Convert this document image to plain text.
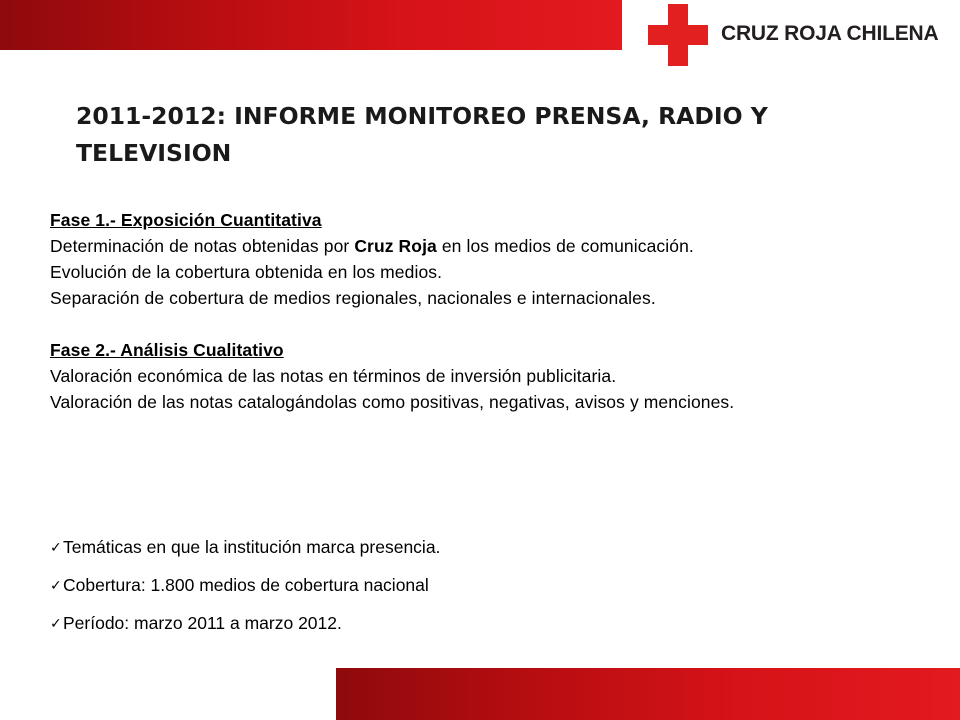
CRUZ ROJA CHILENA
2011-2012: INFORME MONITOREO PRENSA, RADIO Y TELEVISION
Fase 1.- Exposición Cuantitativa
Determinación de notas obtenidas por Cruz Roja en los medios de comunicación.
Evolución de la cobertura obtenida en los medios.
Separación de cobertura de medios regionales, nacionales e internacionales.
Fase 2.- Análisis Cualitativo
Valoración económica de las notas en términos de inversión publicitaria.
Valoración de las notas catalogándolas como positivas, negativas, avisos y menciones.
✓ Temáticas en que la institución marca presencia.
✓ Cobertura: 1.800 medios de cobertura nacional
✓ Período: marzo 2011 a marzo 2012.
